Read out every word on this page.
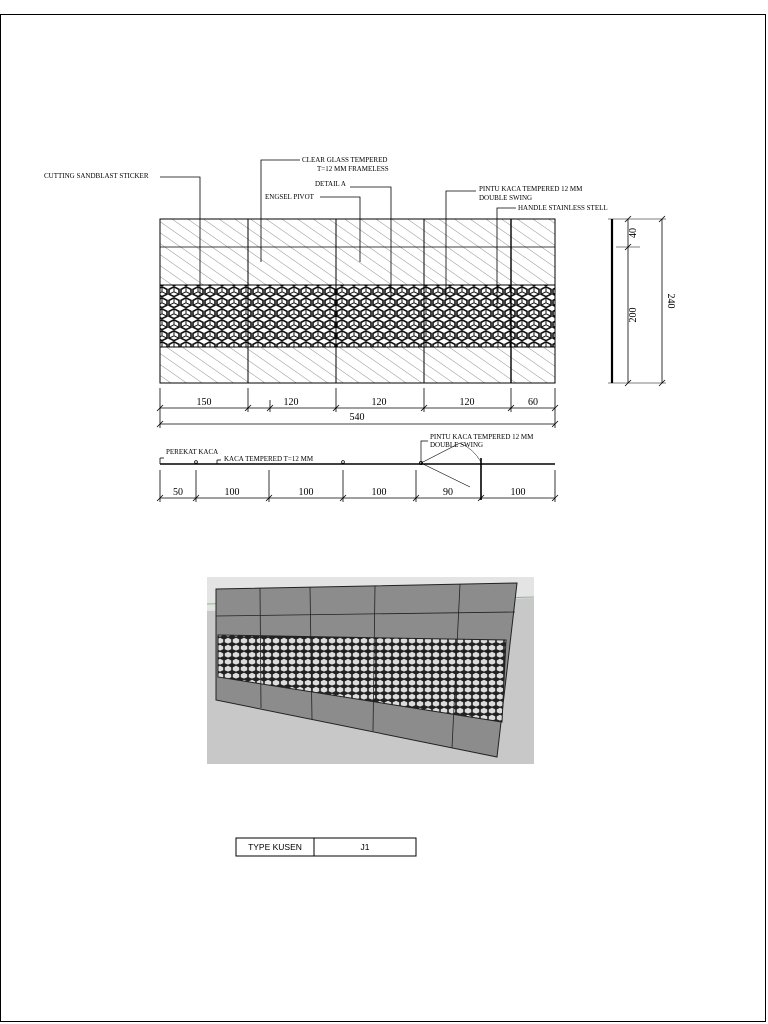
CUTTING SANDBLAST STICKER
CLEAR GLASS TEMPERED
T=12 MM FRAMELESS
DETAIL A
ENGSEL PIVOT
PINTU KACA TEMPERED 12 MM
DOUBLE SWING
HANDLE STAINLESS STELL
150	120	120	120	60
540
40
200
240
PEREKAT KACA
KACA TEMPERED T=12 MM
PINTU KACA TEMPERED 12 MM
DOUBLE SWING
50	100	100	100	90	100
TYPE KUSEN	J1
